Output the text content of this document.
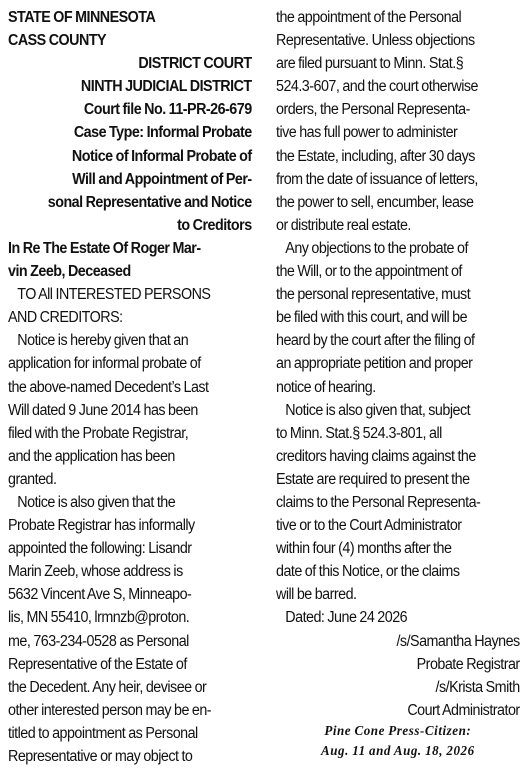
STATE OF MINNESOTA
CASS COUNTY
DISTRICT COURT
NINTH JUDICIAL DISTRICT
Court file No. 11-PR-26-679
Case Type: Informal Probate
Notice of Informal Probate of
Will and Appointment of Per-
sonal Representative and Notice
to Creditors
In Re The Estate Of Roger Mar-
vin Zeeb, Deceased
TO All INTERESTED PERSONS
AND CREDITORS:
Notice is hereby given that an
application for informal probate of
the above-named Decedent’s Last
Will dated 9 June 2014 has been
filed with the Probate Registrar,
and the application has been
granted.
Notice is also given that the
Probate Registrar has informally
appointed the following: Lisandr
Marin Zeeb, whose address is
5632 Vincent Ave S, Minneapo-
lis, MN 55410, lrmnzb@proton.
me, 763-234-0528 as Personal
Representative of the Estate of
the Decedent. Any heir, devisee or
other interested person may be en-
titled to appointment as Personal
Representative or may object to
the appointment of the Personal
Representative. Unless objections
are filed pursuant to Minn. Stat.§
524.3-607, and the court otherwise
orders, the Personal Representa-
tive has full power to administer
the Estate, including, after 30 days
from the date of issuance of letters,
the power to sell, encumber, lease
or distribute real estate.
Any objections to the probate of
the Will, or to the appointment of
the personal representative, must
be filed with this court, and will be
heard by the court after the filing of
an appropriate petition and proper
notice of hearing.
Notice is also given that, subject
to Minn. Stat.§ 524.3-801, all
creditors having claims against the
Estate are required to present the
claims to the Personal Representa-
tive or to the Court Administrator
within four (4) months after the
date of this Notice, or the claims
will be barred.
Dated: June 24 2026
/s/Samantha Haynes
Probate Registrar
/s/Krista Smith
Court Administrator
Pine Cone Press-Citizen:
Aug. 11 and Aug. 18, 2026
